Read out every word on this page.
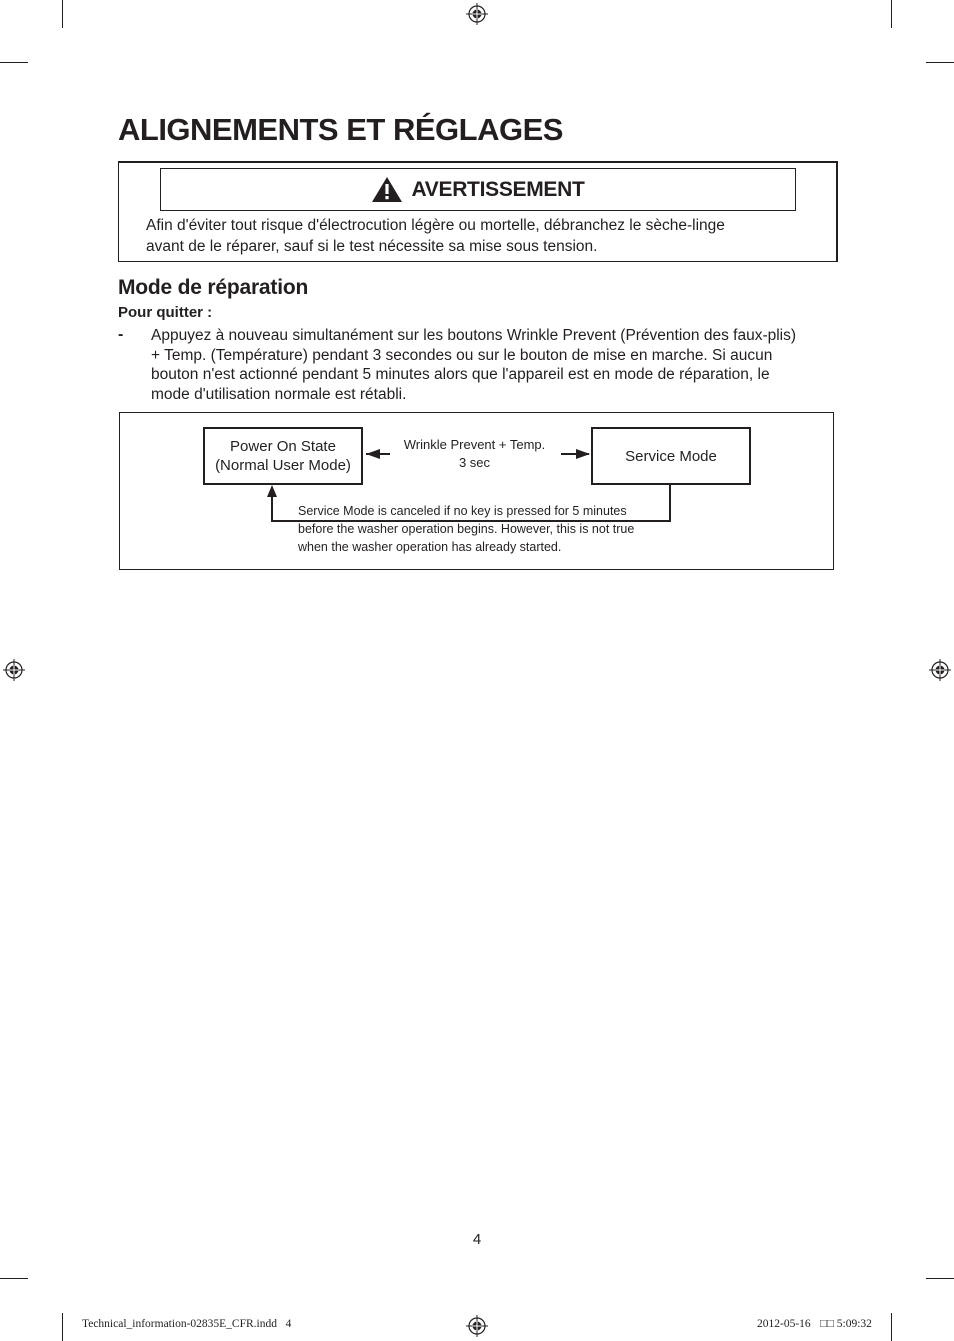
ALIGNEMENTS ET RÉGLAGES
AVERTISSEMENT
Afin d'éviter tout risque d'électrocution légère ou mortelle, débranchez le sèche-linge
avant de le réparer, sauf si le test nécessite sa mise sous tension.
Mode de réparation
Pour quitter :
- Appuyez à nouveau simultanément sur les boutons Wrinkle Prevent (Prévention des faux-plis)
+ Temp. (Température) pendant 3 secondes ou sur le bouton de mise en marche. Si aucun
bouton n'est actionné pendant 5 minutes alors que l'appareil est en mode de réparation, le
mode d'utilisation normale est rétabli.
Power On State
(Normal User Mode)
Wrinkle Prevent + Temp.
3 sec	Service Mode
Service Mode is canceled if no key is pressed for 5 minutes
before the washer operation begins. However, this is not true
when the washer operation has already started.
4
Technical_information-02835E_CFR.indd   4	2012-05-16 □□ 5:09:32
